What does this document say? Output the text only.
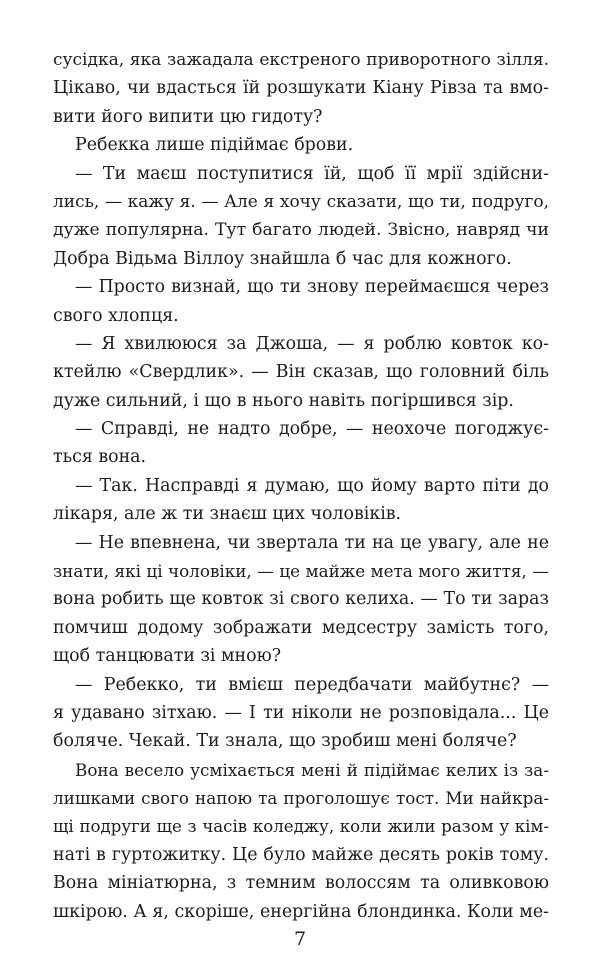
сусідка, яка зажадала екстреного приворотного зілля.
Цікаво, чи вдасться їй розшукати Кіану Рівза та вмо-
вити його випити цю гидоту?
Ребекка лише підіймає брови.
— Ти маєш поступитися їй, щоб її мрії здійсни-
лись, — кажу я. — Але я хочу сказати, що ти, подруго,
дуже популярна. Тут багато людей. Звісно, навряд чи
Добра Відьма Віллоу знайшла б час для кожного.
— Просто визнай, що ти знову переймаєшся через
свого хлопця.
— Я хвилююся за Джоша, — я роблю ковток ко-
ктейлю «Свердлик». — Він сказав, що головний біль
дуже сильний, і що в нього навіть погіршився зір.
— Справді, не надто добре, — неохоче погоджує-
ться вона.
— Так. Насправді я думаю, що йому варто піти до
лікаря, але ж ти знаєш цих чоловіків.
— Не впевнена, чи звертала ти на це увагу, але не
знати, які ці чоловіки, — це майже мета мого життя, —
вона робить ще ковток зі свого келиха. — То ти зараз
помчиш додому зображати медсестру замість того,
щоб танцювати зі мною?
— Ребекко, ти вмієш передбачати майбутнє? —
я удавано зітхаю. — І ти ніколи не розповідала... Це
боляче. Чекай. Ти знала, що зробиш мені боляче?
Вона весело усміхається мені й підіймає келих із за-
лишками свого напою та проголошує тост. Ми найкра-
щі подруги ще з часів коледжу, коли жили разом у кім-
наті в гуртожитку. Це було майже десять років тому.
Вона мініатюрна, з темним волоссям та оливковою
шкірою. А я, скоріше, енергійна блондинка. Коли ме-
7
